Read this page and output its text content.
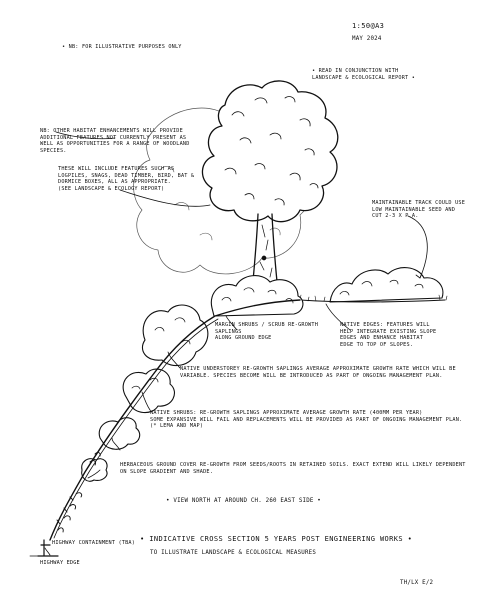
1:50@A3
MAY 2024
• NB: FOR ILLUSTRATIVE PURPOSES ONLY
• READ IN CONJUNCTION WITH
LANDSCAPE & ECOLOGICAL REPORT •
NB: OTHER HABITAT ENHANCEMENTS WILL PROVIDE
ADDITIONAL FEATURES NOT CURRENTLY PRESENT AS
WELL AS OPPORTUNITIES FOR A RANGE OF WOODLAND
SPECIES.
THESE WILL INCLUDE FEATURES SUCH AS
LOGPILES, SNAGS, DEAD TIMBER, BIRD, BAT &
DORMICE BOXES, ALL AS APPROPRIATE.
(SEE LANDSCAPE & ECOLOGY REPORT)
MAINTAINABLE TRACK COULD USE
LOW MAINTAINABLE SEED AND
CUT 2-3 X P.A.
MARGIN SHRUBS / SCRUB RE-GROWTH SAPLINGS
ALONG GROUND EDGE
NATIVE EDGES: FEATURES WILL
HELP INTEGRATE EXISTING SLOPE
EDGES AND ENHANCE HABITAT
EDGE TO TOP OF SLOPES.
NATIVE UNDERSTOREY RE-GROWTH SAPLINGS AVERAGE APPROXIMATE GROWTH RATE WHICH WILL BE
VARIABLE. SPECIES BECOME WILL BE INTRODUCED AS PART OF ONGOING MANAGEMENT PLAN.
NATIVE SHRUBS: RE-GROWTH SAPLINGS APPROXIMATE AVERAGE GROWTH RATE (400MM PER YEAR)
SOME EXPANSIVE WILL FAIL AND REPLACEMENTS WILL BE PROVIDED AS PART OF ONGOING MANAGEMENT PLAN.
(* LEMA AND MAP)
HERBACEOUS GROUND COVER RE-GROWTH FROM SEEDS/ROOTS IN RETAINED SOILS. EXACT EXTEND WILL LIKELY DEPENDENT
ON SLOPE GRADIENT AND SHADE.
• VIEW NORTH AT AROUND CH. 260 EAST SIDE •
HIGHWAY CONTAINMENT (TBA)
HIGHWAY EDGE
• INDICATIVE CROSS SECTION 5 YEARS POST ENGINEERING WORKS •
TO ILLUSTRATE LANDSCAPE & ECOLOGICAL MEASURES
TH/LX E/2
